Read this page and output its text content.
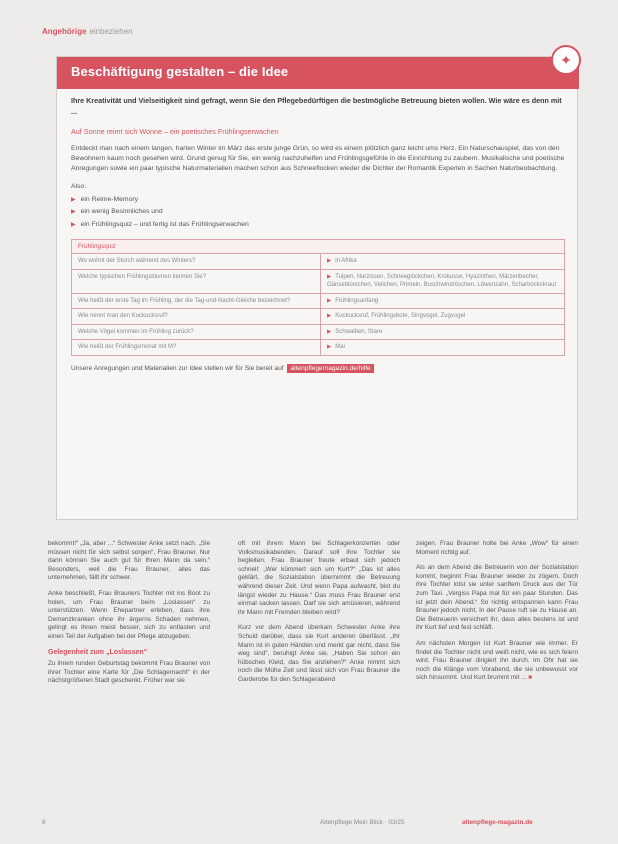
Angehörige einbeziehen
Beschäftigung gestalten – die Idee
✦

Ihre Kreativität und Vielseitigkeit sind gefragt, wenn Sie den Pflegebedürftigen die bestmögliche Betreuung bieten wollen. Wie wäre es denn mit ...

Auf Sonne reimt sich Wonne – ein poetisches Frühlingserwachen

Entdeckt man nach einem langen, harten Winter im März das erste junge Grün, so wird es einem plötzlich ganz leicht ums Herz. Ein Naturschauspiel, das von den Bewohnern kaum noch gesehen wird. Grund genug für Sie, ein wenig nachzuhelfen und Frühlingsgefühle in die Einrichtung zu zaubern. Musikalische und poetische Anregungen sowie ein paar typische Naturmaterialien machen schon aus Schneeflocken wieder die Dichter der Romantik Experten in Sachen Naturbeobachtung.

Also:

▶ ein Reime-Memory
▶ ein wenig Besinnliches und
▶ ein Frühlingsquiz – und fertig ist das Frühlingserwachen
Frühlingsquiz	
Wo wohnt der Storch während des Winters?	▶ in Afrika
Welche typischen Frühlingsblumen kennen Sie?	▶ Tulpen, Narzissen, Schneeglöckchen, Krokusse, Hyazinthen, Märzenbecher, Gänseblümchen, Veilchen, Primeln, Buschwindröschen, Löwenzahn, Scharbockskraut
Wie heißt der erste Tag im Frühling, der die Tag-und-Nacht-Gleiche bezeichnet?	▶ Frühlingsanfang
Wie nennt man den Kuckucksruf?	▶ Kuckucksruf, Frühlingsbote, Singvogel, Zugvogel
Welche Vögel kommen im Frühling zurück?	▶ Schwalben, Stare
Wie heißt der Frühlingsmonat mit M?	▶ Mai
Unsere Anregungen und Materialien zur Idee stellen wir für Sie bereit auf altenpflegemagazin.de/hilfe

bekommt!“ „Ja, aber ...“ Schwester Anke setzt nach. „Sie müssen nicht für sich selbst sorgen“, Frau Brauner. Nur dann können Sie auch gut für Ihren Mann da sein.“ Besonders, weil die Frau Brauner, alles das unternehmen, fällt ihr schwer.

Anke beschließt, Frau Brauners Tochter mit ins Boot zu holen, um Frau Brauner beim „Loslassen“ zu unterstützen. Wenn Ehepartner erleben, dass ihre Demenzkranken ohne ihr ärgerns Schaden nehmen, gelingt es ihnen meist besser, sich zu entlasten und einen Teil der Aufgaben bei der Pflege abzugeben.

Gelegenheit zum „Loslassen“

Zu ihrem runden Geburtstag bekommt Frau Brauner von ihrer Tochter eine Karte für „Die Schlagernacht“ in der nächstgrößeren Stadt geschenkt. Früher war sie

oft mit ihrem Mann bei Schlagerkonzerten oder Volksmusikabenden. Darauf soll ihre Tochter sie begleiten. Frau Brauner freute erbaut sich jedoch schnell: „Wer kümmert sich um Kurt?“ „Das ist alles geklärt, die Sozialstation übernimmt die Betreuung während dieser Zeit. Und wenn Papa aufwacht, bist du längst wieder zu Hause.“ Das muss Frau Brauner erst einmal sacken lassen. Darf sie sich amüsieren, während ihr Mann mit Fremden bleiben wird?

Kurz vor dem Abend überkam Schwester Anke ihre Schuld darüber, dass sie Kurt anderen überlässt. „Ihr Mann ist in guten Händen und merkt gar nicht, dass Sie weg sind“, beruhigt Anke sie. „Haben Sie schon ein hübsches Kleid, das Sie anziehen?“ Anke nimmt sich noch die Mühe Zeit und lässt sich von Frau Brauner die Garderobe für den Schlagerabend

zeigen. Frau Brauner holte bei Anke „Wow“ für einen Moment richtig auf.

Als an dem Abend die Betreuerin von der Sozialstation kommt, beginnt Frau Brauner wieder zu zögern. Doch ihre Tochter lotst sie unter sanftem Druck aus der Tür zum Taxi. „Vergiss Papa mal für ein paar Stunden. Das ist jetzt dein Abend.“ So richtig entspannen kann Frau Brauner jedoch nicht. In der Pause ruft sie zu Hause an. Die Betreuerin versichert ihr, dass alles bestens ist und ihr Kurt tief und fest schläft.

Am nächsten Morgen ist Kurt Brauner wie immer. Er findet die Tochter nicht und weiß nicht, wie es sich feiern wird. Frau Brauner dirigiert ihn durch. Im Ohr hat sie noch die Klänge vom Vorabend, die sie unbewusst vor sich hinsummt. Und Kurt brummt mit ... ■

6	Altenpflege Mein Blick · 03/25	altenpflege-magazin.de
